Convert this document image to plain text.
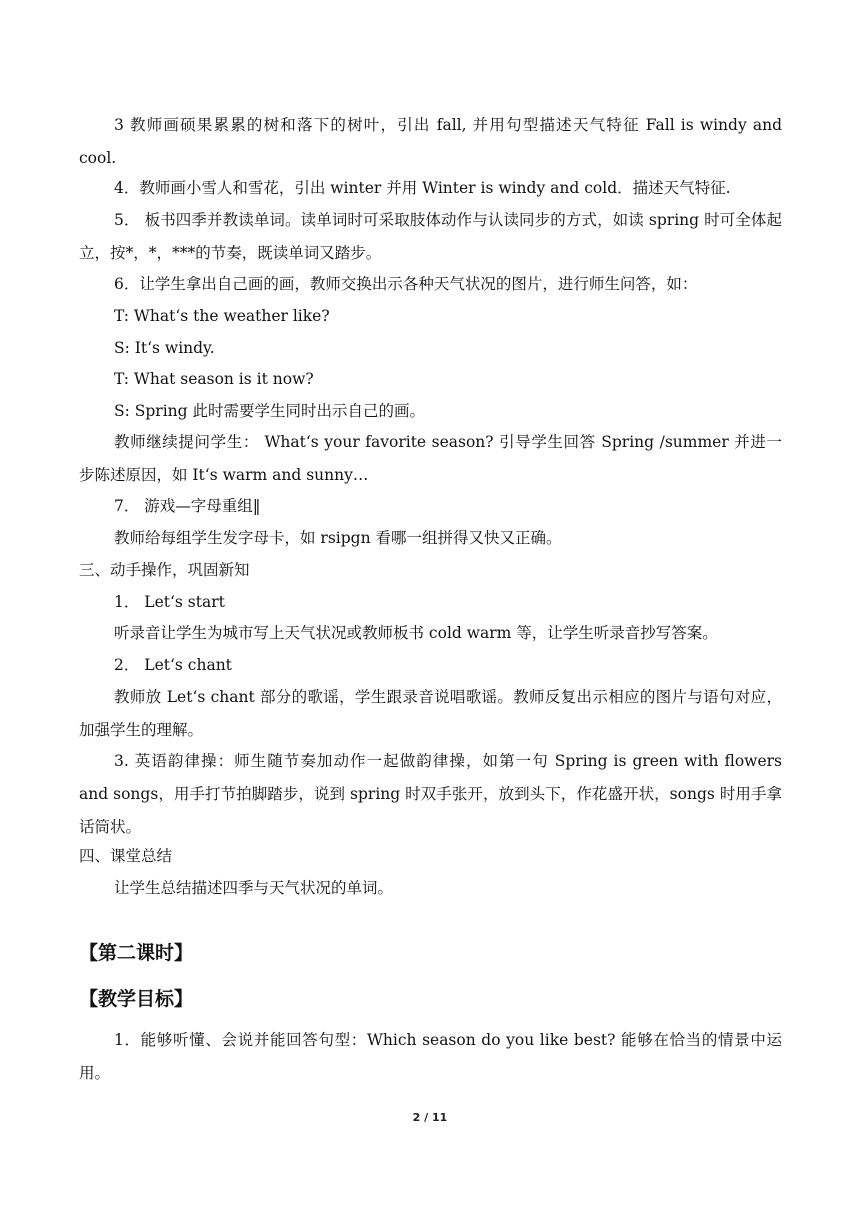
3 教师画硕果累累的树和落下的树叶，引出 fall, 并用句型描述天气特征 Fall is windy and cool.

4．教师画小雪人和雪花，引出 winter 并用 Winter is windy and cold．描述天气特征.

5． 板书四季并教读单词。读单词时可采取肢体动作与认读同步的方式，如读 spring 时可全体起立，按*，*，***的节奏，既读单词又踏步。

6．让学生拿出自己画的画，教师交换出示各种天气状况的图片，进行师生问答，如：

T: What‘s the weather like?

S: It‘s windy.

T: What season is it now?

S: Spring 此时需要学生同时出示自己的画。

教师继续提问学生： What‘s your favorite season? 引导学生回答 Spring /summer 并进一步陈述原因，如 It‘s warm and sunny…

7． 游戏—字母重组‖

教师给每组学生发字母卡，如 rsipgn 看哪一组拼得又快又正确。

三、动手操作，巩固新知

1． Let‘s start

听录音让学生为城市写上天气状况或教师板书 cold warm 等，让学生听录音抄写答案。

2． Let‘s chant

教师放 Let‘s chant 部分的歌谣，学生跟录音说唱歌谣。教师反复出示相应的图片与语句对应，加强学生的理解。

3. 英语韵律操：师生随节奏加动作一起做韵律操，如第一句 Spring is green with flowers and songs，用手打节拍脚踏步，说到 spring 时双手张开，放到头下，作花盛开状，songs 时用手拿话筒状。

四、课堂总结

让学生总结描述四季与天气状况的单词。

【第二课时】

【教学目标】

1．能够听懂、会说并能回答句型：Which season do you like best? 能够在恰当的情景中运用。

2 / 11
